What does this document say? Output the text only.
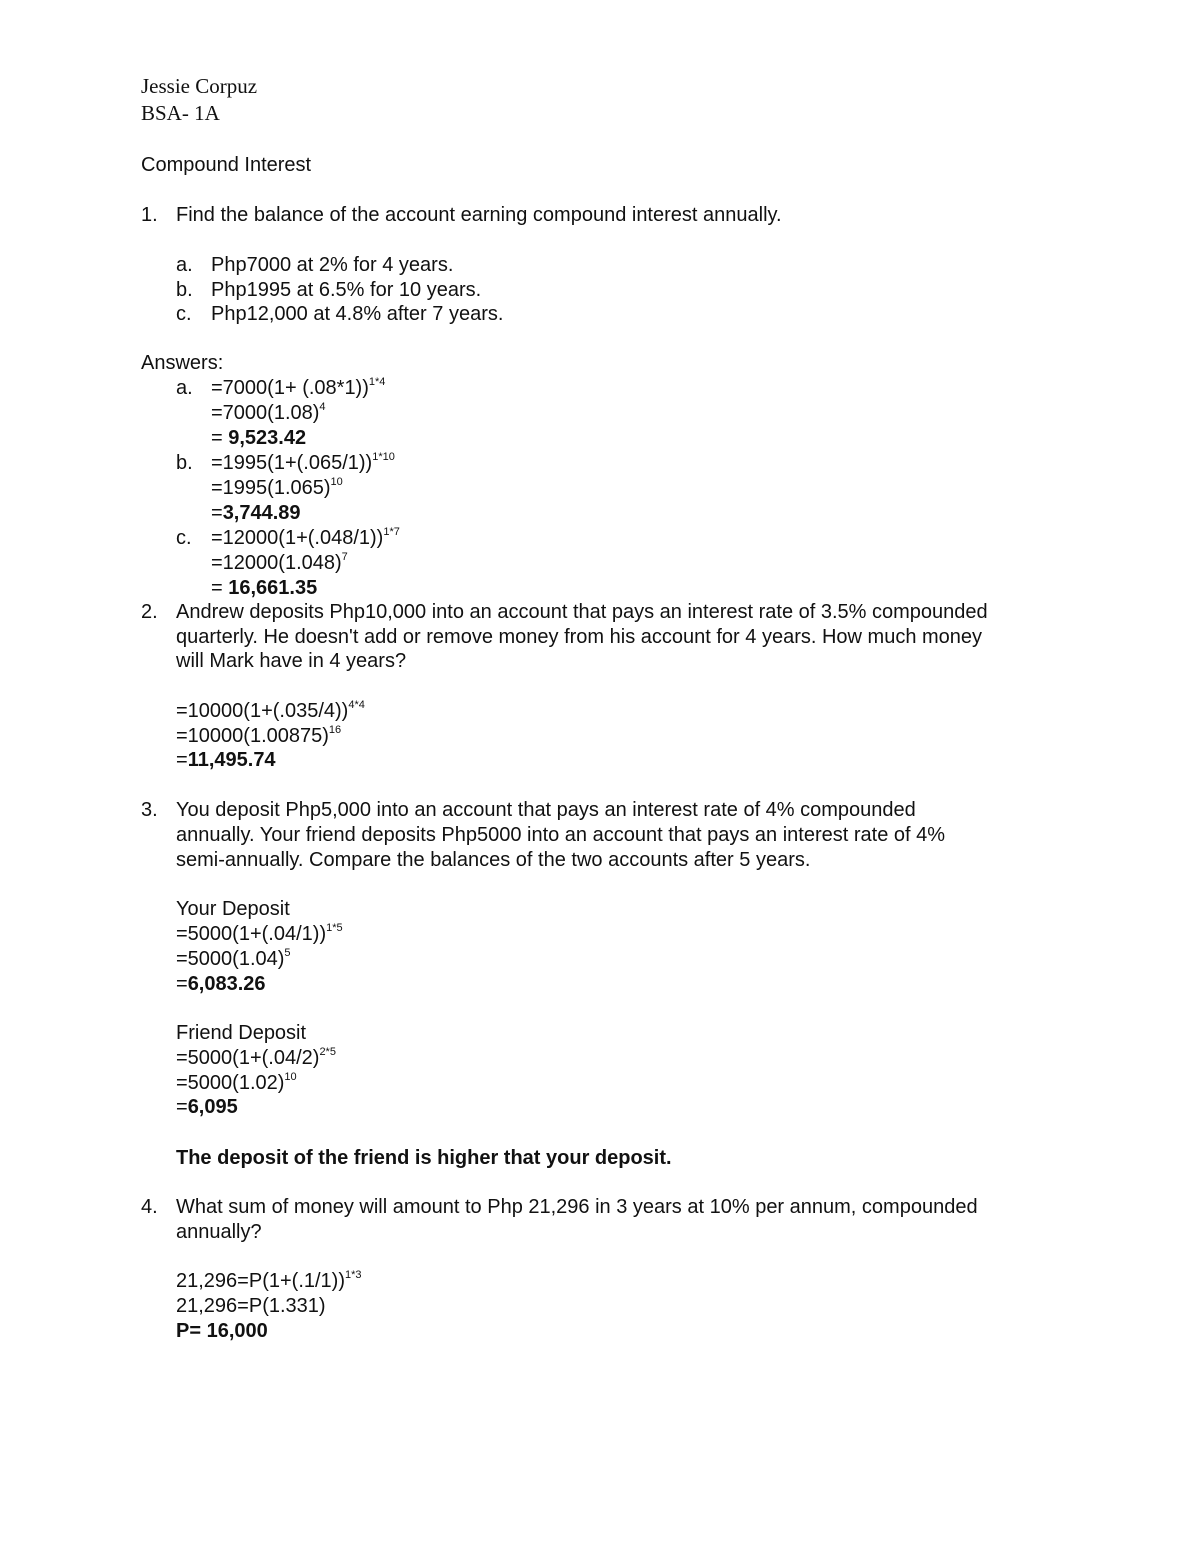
Jessie Corpuz
BSA- 1A
Compound Interest
1. Find the balance of the account earning compound interest annually.
a. Php7000 at 2% for 4 years.
b. Php1995 at 6.5% for 10 years.
c. Php12,000 at 4.8% after 7 years.
Answers:
a. $=7000(1+ (.08*1))^{1*4}$
$=7000(1.08)^4$
= 9,523.42
b. $=1995(1+(.065/1))^{1*10}$
$=1995(1.065)^{10}$
=3,744.89
c. $=12000(1+(.048/1))^{1*7}$
$=12000(1.048)^7$
= 16,661.35
2. Andrew deposits Php10,000 into an account that pays an interest rate of 3.5% compounded
quarterly. He doesn't add or remove money from his account for 4 years. How much money
will Mark have in 4 years?
$=10000(1+(.035/4))^{4*4}$
$=10000(1.00875)^{16}$
=11,495.74
3. You deposit Php5,000 into an account that pays an interest rate of 4% compounded
annually. Your friend deposits Php5000 into an account that pays an interest rate of 4%
semi-annually. Compare the balances of the two accounts after 5 years.
Your Deposit
$=5000(1+(.04/1))^{1*5}$
$=5000(1.04)^5$
=6,083.26
Friend Deposit
$=5000(1+(.04/2)^{2*5}$
$=5000(1.02)^{10}$
=6,095
The deposit of the friend is higher that your deposit.
4. What sum of money will amount to Php 21,296 in 3 years at 10% per annum, compounded
annually?
$21,296=P(1+(.1/1))^{1*3}$
21,296=P(1.331)
P= 16,000
